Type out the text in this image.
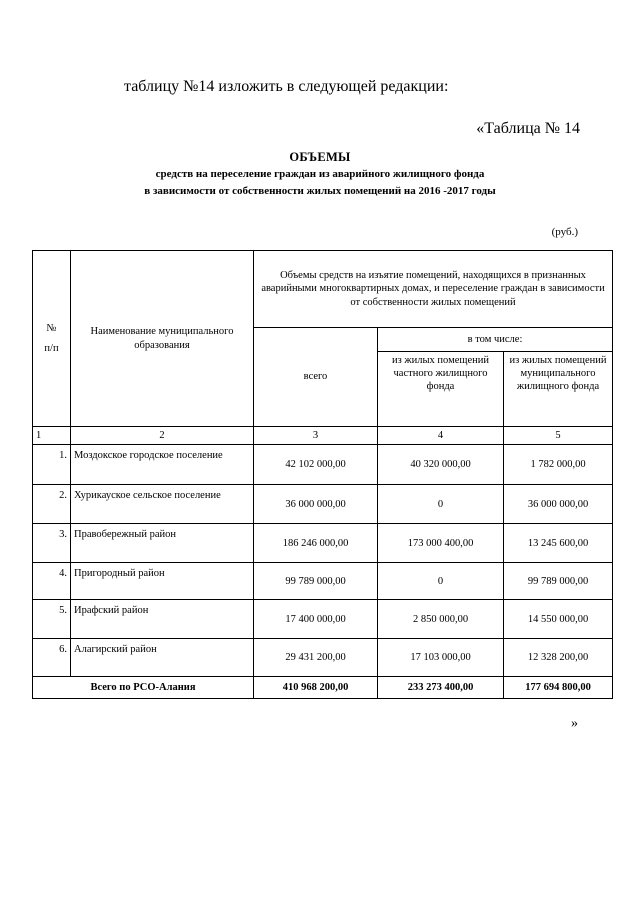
таблицу №14 изложить в следующей редакции:
«Таблица № 14
ОБЪЕМЫ
средств на переселение граждан из аварийного жилищного фонда
в зависимости от собственности жилых помещений на 2016 -2017 годы
(руб.)
№
п/п	Наименование муниципального образования	Объемы средств на изъятие помещений, находящихся в признанных аварийными многоквартирных домах, и переселение граждан в зависимости от собственности жилых помещений		
		всего	в том числе:	
			из жилых помещений частного жилищного фонда	из жилых помещений муниципального жилищного фонда
1	2	3	4	5
1.	Моздокское городское поселение	42 102 000,00	40 320 000,00	1 782 000,00
2.	Хурикауское сельское поселение	36 000 000,00	0	36 000 000,00
3.	Правобережный район	186 246 000,00	173 000 400,00	13 245 600,00
4.	Пригородный район	99 789 000,00	0	99 789 000,00
5.	Ирафский район	17 400 000,00	2 850 000,00	14 550 000,00
6.	Алагирский район	29 431 200,00	17 103 000,00	12 328 200,00
Всего по РСО-Алания		410 968 200,00	233 273 400,00	177 694 800,00
»
